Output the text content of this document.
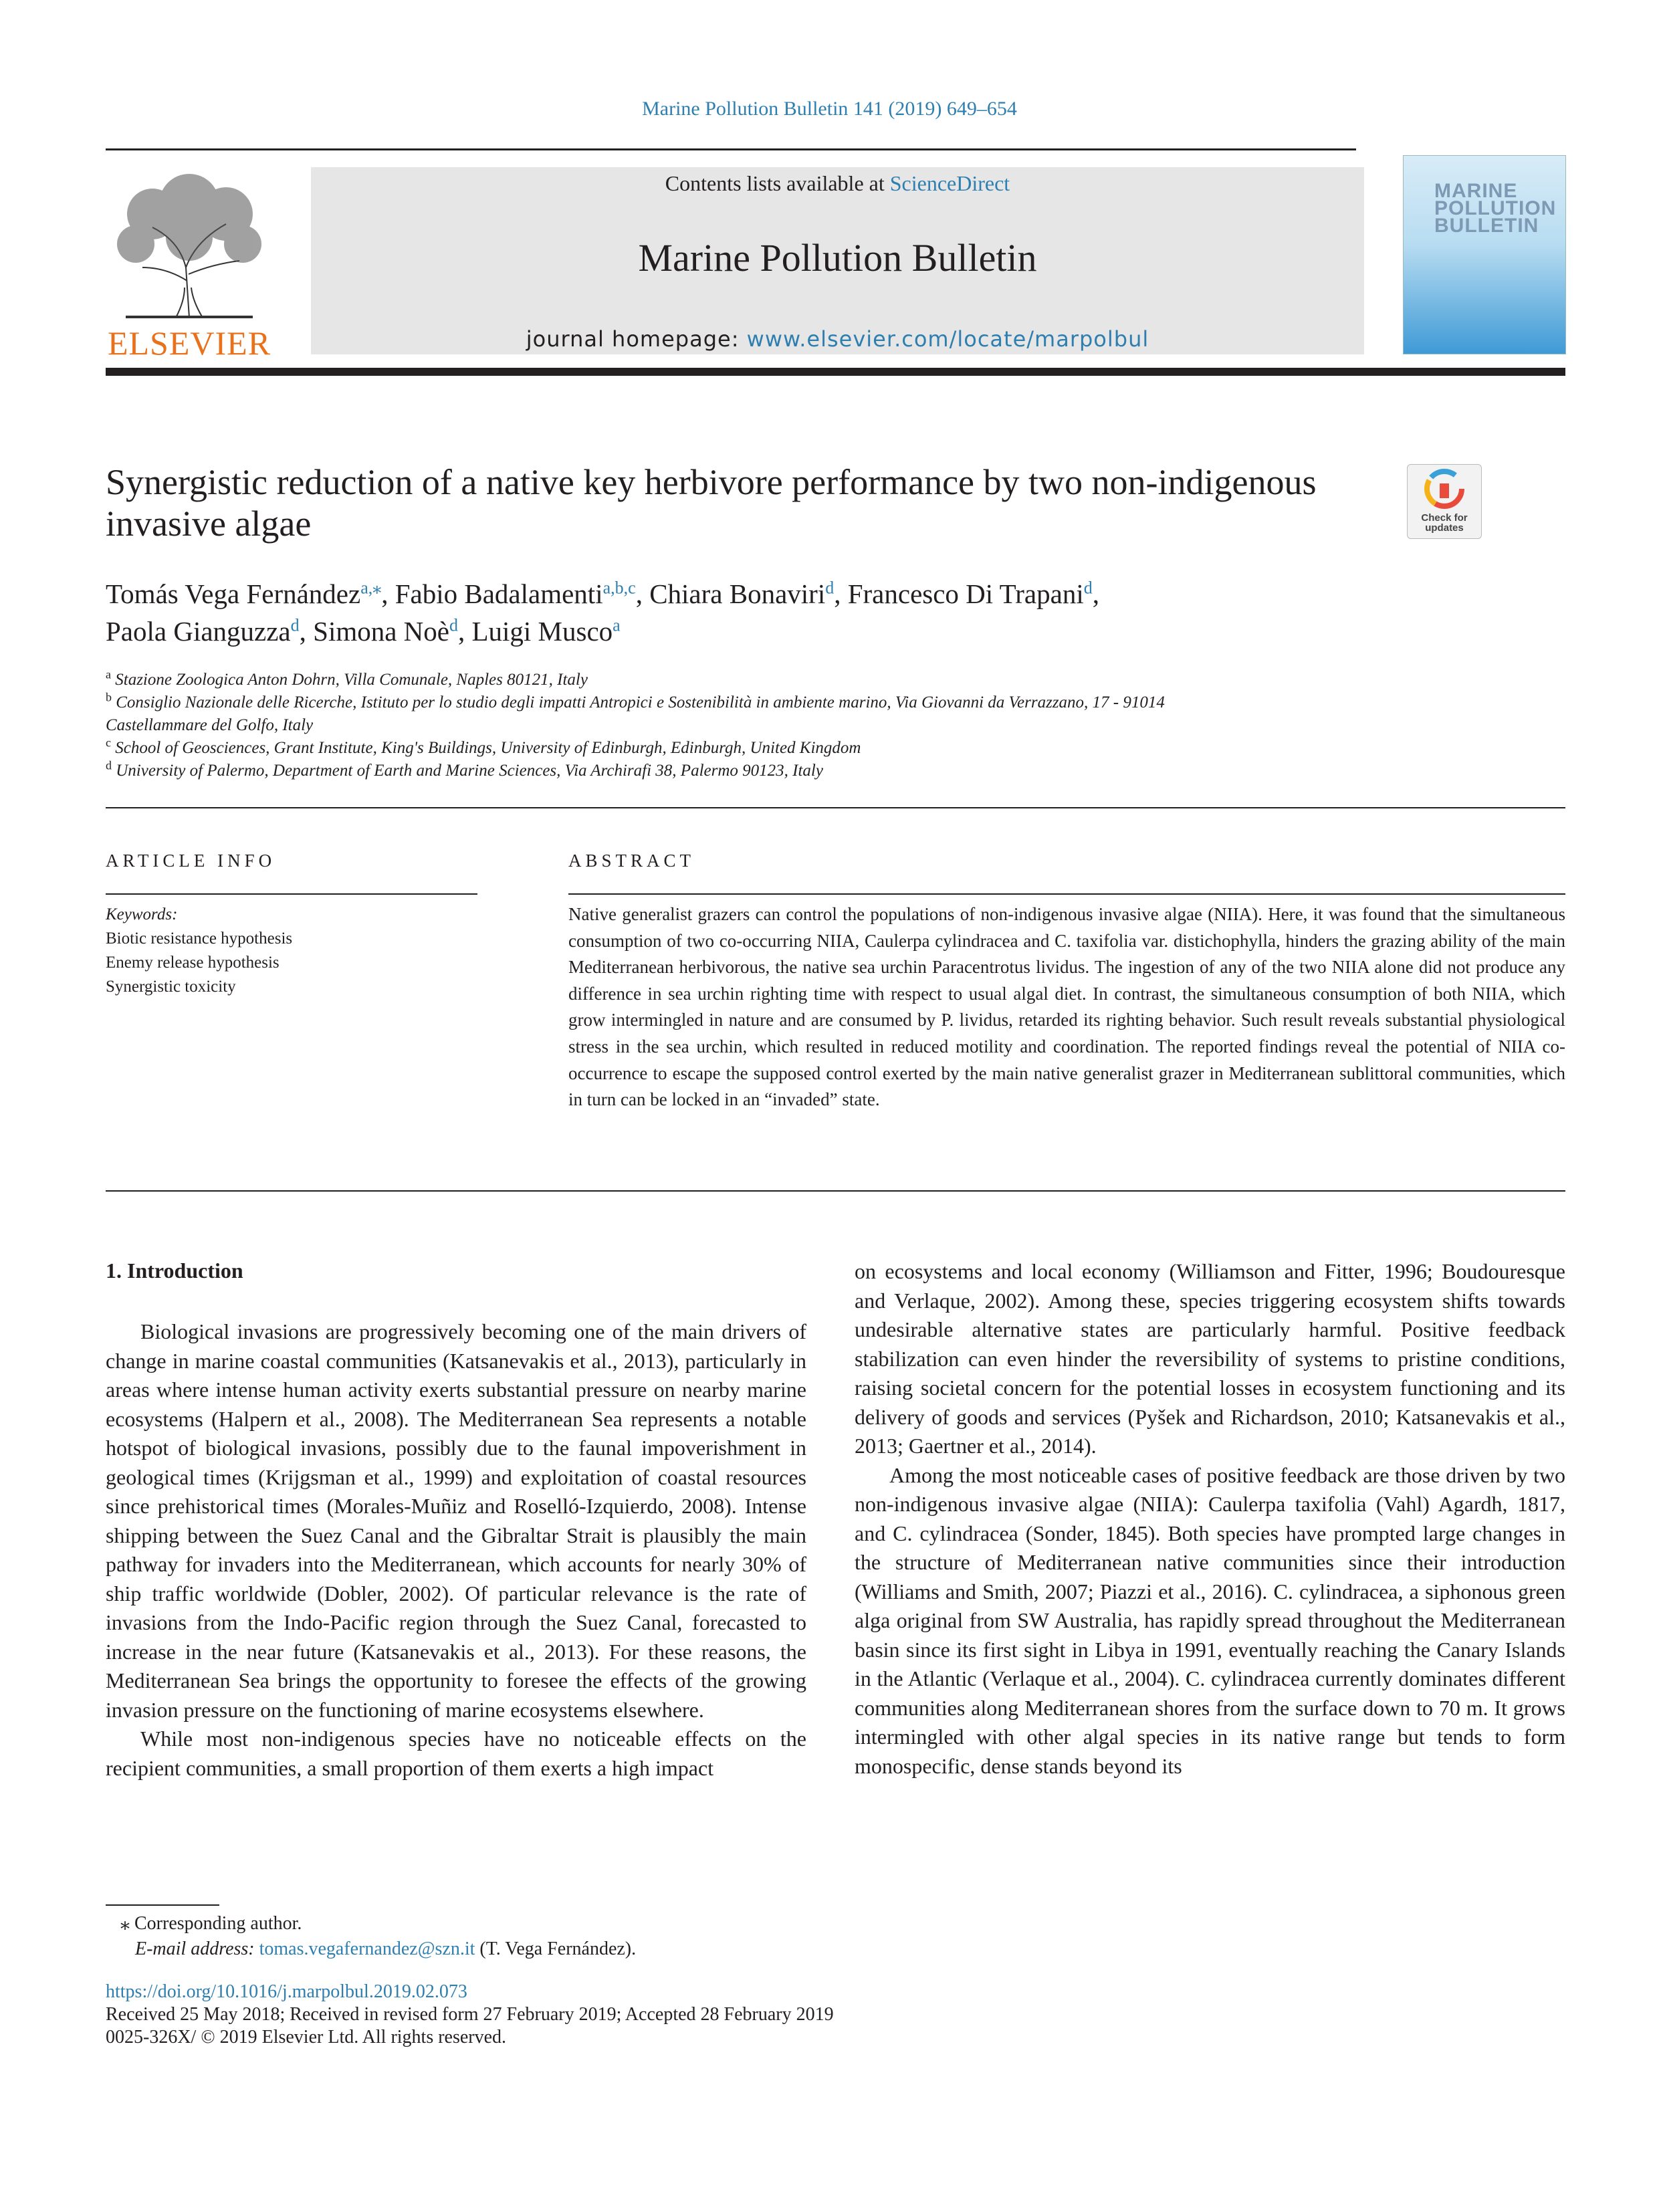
Marine Pollution Bulletin 141 (2019) 649–654
ELSEVIER
Contents lists available at ScienceDirect
Marine Pollution Bulletin
journal homepage: www.elsevier.com/locate/marpolbul
MARINE POLLUTION BULLETIN
Synergistic reduction of a native key herbivore performance by two non-indigenous invasive algae	Check for updates
Tomás Vega Fernández$^{a,⁎}$, Fabio Badalamenti$^{a,b,c}$, Chiara Bonaviri$^d$, Francesco Di Trapani$^d$,
Paola Gianguzza$^d$, Simona Noè$^d$, Luigi Musco$^a$
$^a$ Stazione Zoologica Anton Dohrn, Villa Comunale, Naples 80121, Italy
$^b$ Consiglio Nazionale delle Ricerche, Istituto per lo studio degli impatti Antropici e Sostenibilità in ambiente marino, Via Giovanni da Verrazzano, 17 - 91014
Castellammare del Golfo, Italy
$^c$ School of Geosciences, Grant Institute, King's Buildings, University of Edinburgh, Edinburgh, United Kingdom
$^d$ University of Palermo, Department of Earth and Marine Sciences, Via Archirafi 38, Palermo 90123, Italy
ARTICLE INFO	ABSTRACT
Keywords:
Biotic resistance hypothesis
Enemy release hypothesis
Synergistic toxicity
Native generalist grazers can control the populations of non-indigenous invasive algae (NIIA). Here, it was found that the simultaneous consumption of two co-occurring NIIA, Caulerpa cylindracea and C. taxifolia var. distichophylla, hinders the grazing ability of the main Mediterranean herbivorous, the native sea urchin Paracentrotus lividus. The ingestion of any of the two NIIA alone did not produce any difference in sea urchin righting time with respect to usual algal diet. In contrast, the simultaneous consumption of both NIIA, which grow intermingled in nature and are consumed by P. lividus, retarded its righting behavior. Such result reveals substantial physiological stress in the sea urchin, which resulted in reduced motility and coordination. The reported findings reveal the potential of NIIA co-occurrence to escape the supposed control exerted by the main native generalist grazer in Mediterranean sublittoral communities, which in turn can be locked in an “invaded” state.
1. Introduction

Biological invasions are progressively becoming one of the main drivers of change in marine coastal communities (Katsanevakis et al., 2013), particularly in areas where intense human activity exerts substantial pressure on nearby marine ecosystems (Halpern et al., 2008). The Mediterranean Sea represents a notable hotspot of biological invasions, possibly due to the faunal impoverishment in geological times (Krijgsman et al., 1999) and exploitation of coastal resources since prehistorical times (Morales-Muñiz and Roselló-Izquierdo, 2008). Intense shipping between the Suez Canal and the Gibraltar Strait is plausibly the main pathway for invaders into the Mediterranean, which accounts for nearly 30% of ship traffic worldwide (Dobler, 2002). Of particular relevance is the rate of invasions from the Indo-Pacific region through the Suez Canal, forecasted to increase in the near future (Katsanevakis et al., 2013). For these reasons, the Mediterranean Sea brings the opportunity to foresee the effects of the growing invasion pressure on the functioning of marine ecosystems elsewhere.

While most non-indigenous species have no noticeable effects on the recipient communities, a small proportion of them exerts a high impact

on ecosystems and local economy (Williamson and Fitter, 1996; Boudouresque and Verlaque, 2002). Among these, species triggering ecosystem shifts towards undesirable alternative states are particularly harmful. Positive feedback stabilization can even hinder the reversibility of systems to pristine conditions, raising societal concern for the potential losses in ecosystem functioning and its delivery of goods and services (Pyšek and Richardson, 2010; Katsanevakis et al., 2013; Gaertner et al., 2014).

Among the most noticeable cases of positive feedback are those driven by two non-indigenous invasive algae (NIIA): Caulerpa taxifolia (Vahl) Agardh, 1817, and C. cylindracea (Sonder, 1845). Both species have prompted large changes in the structure of Mediterranean native communities since their introduction (Williams and Smith, 2007; Piazzi et al., 2016). C. cylindracea, a siphonous green alga original from SW Australia, has rapidly spread throughout the Mediterranean basin since its first sight in Libya in 1991, eventually reaching the Canary Islands in the Atlantic (Verlaque et al., 2004). C. cylindracea currently dominates different communities along Mediterranean shores from the surface down to 70 m. It grows intermingled with other algal species in its native range but tends to form monospecific, dense stands beyond its

⁎ Corresponding author.
E-mail address: tomas.vegafernandez@szn.it (T. Vega Fernández).
https://doi.org/10.1016/j.marpolbul.2019.02.073
Received 25 May 2018; Received in revised form 27 February 2019; Accepted 28 February 2019
0025-326X/ © 2019 Elsevier Ltd. All rights reserved.
